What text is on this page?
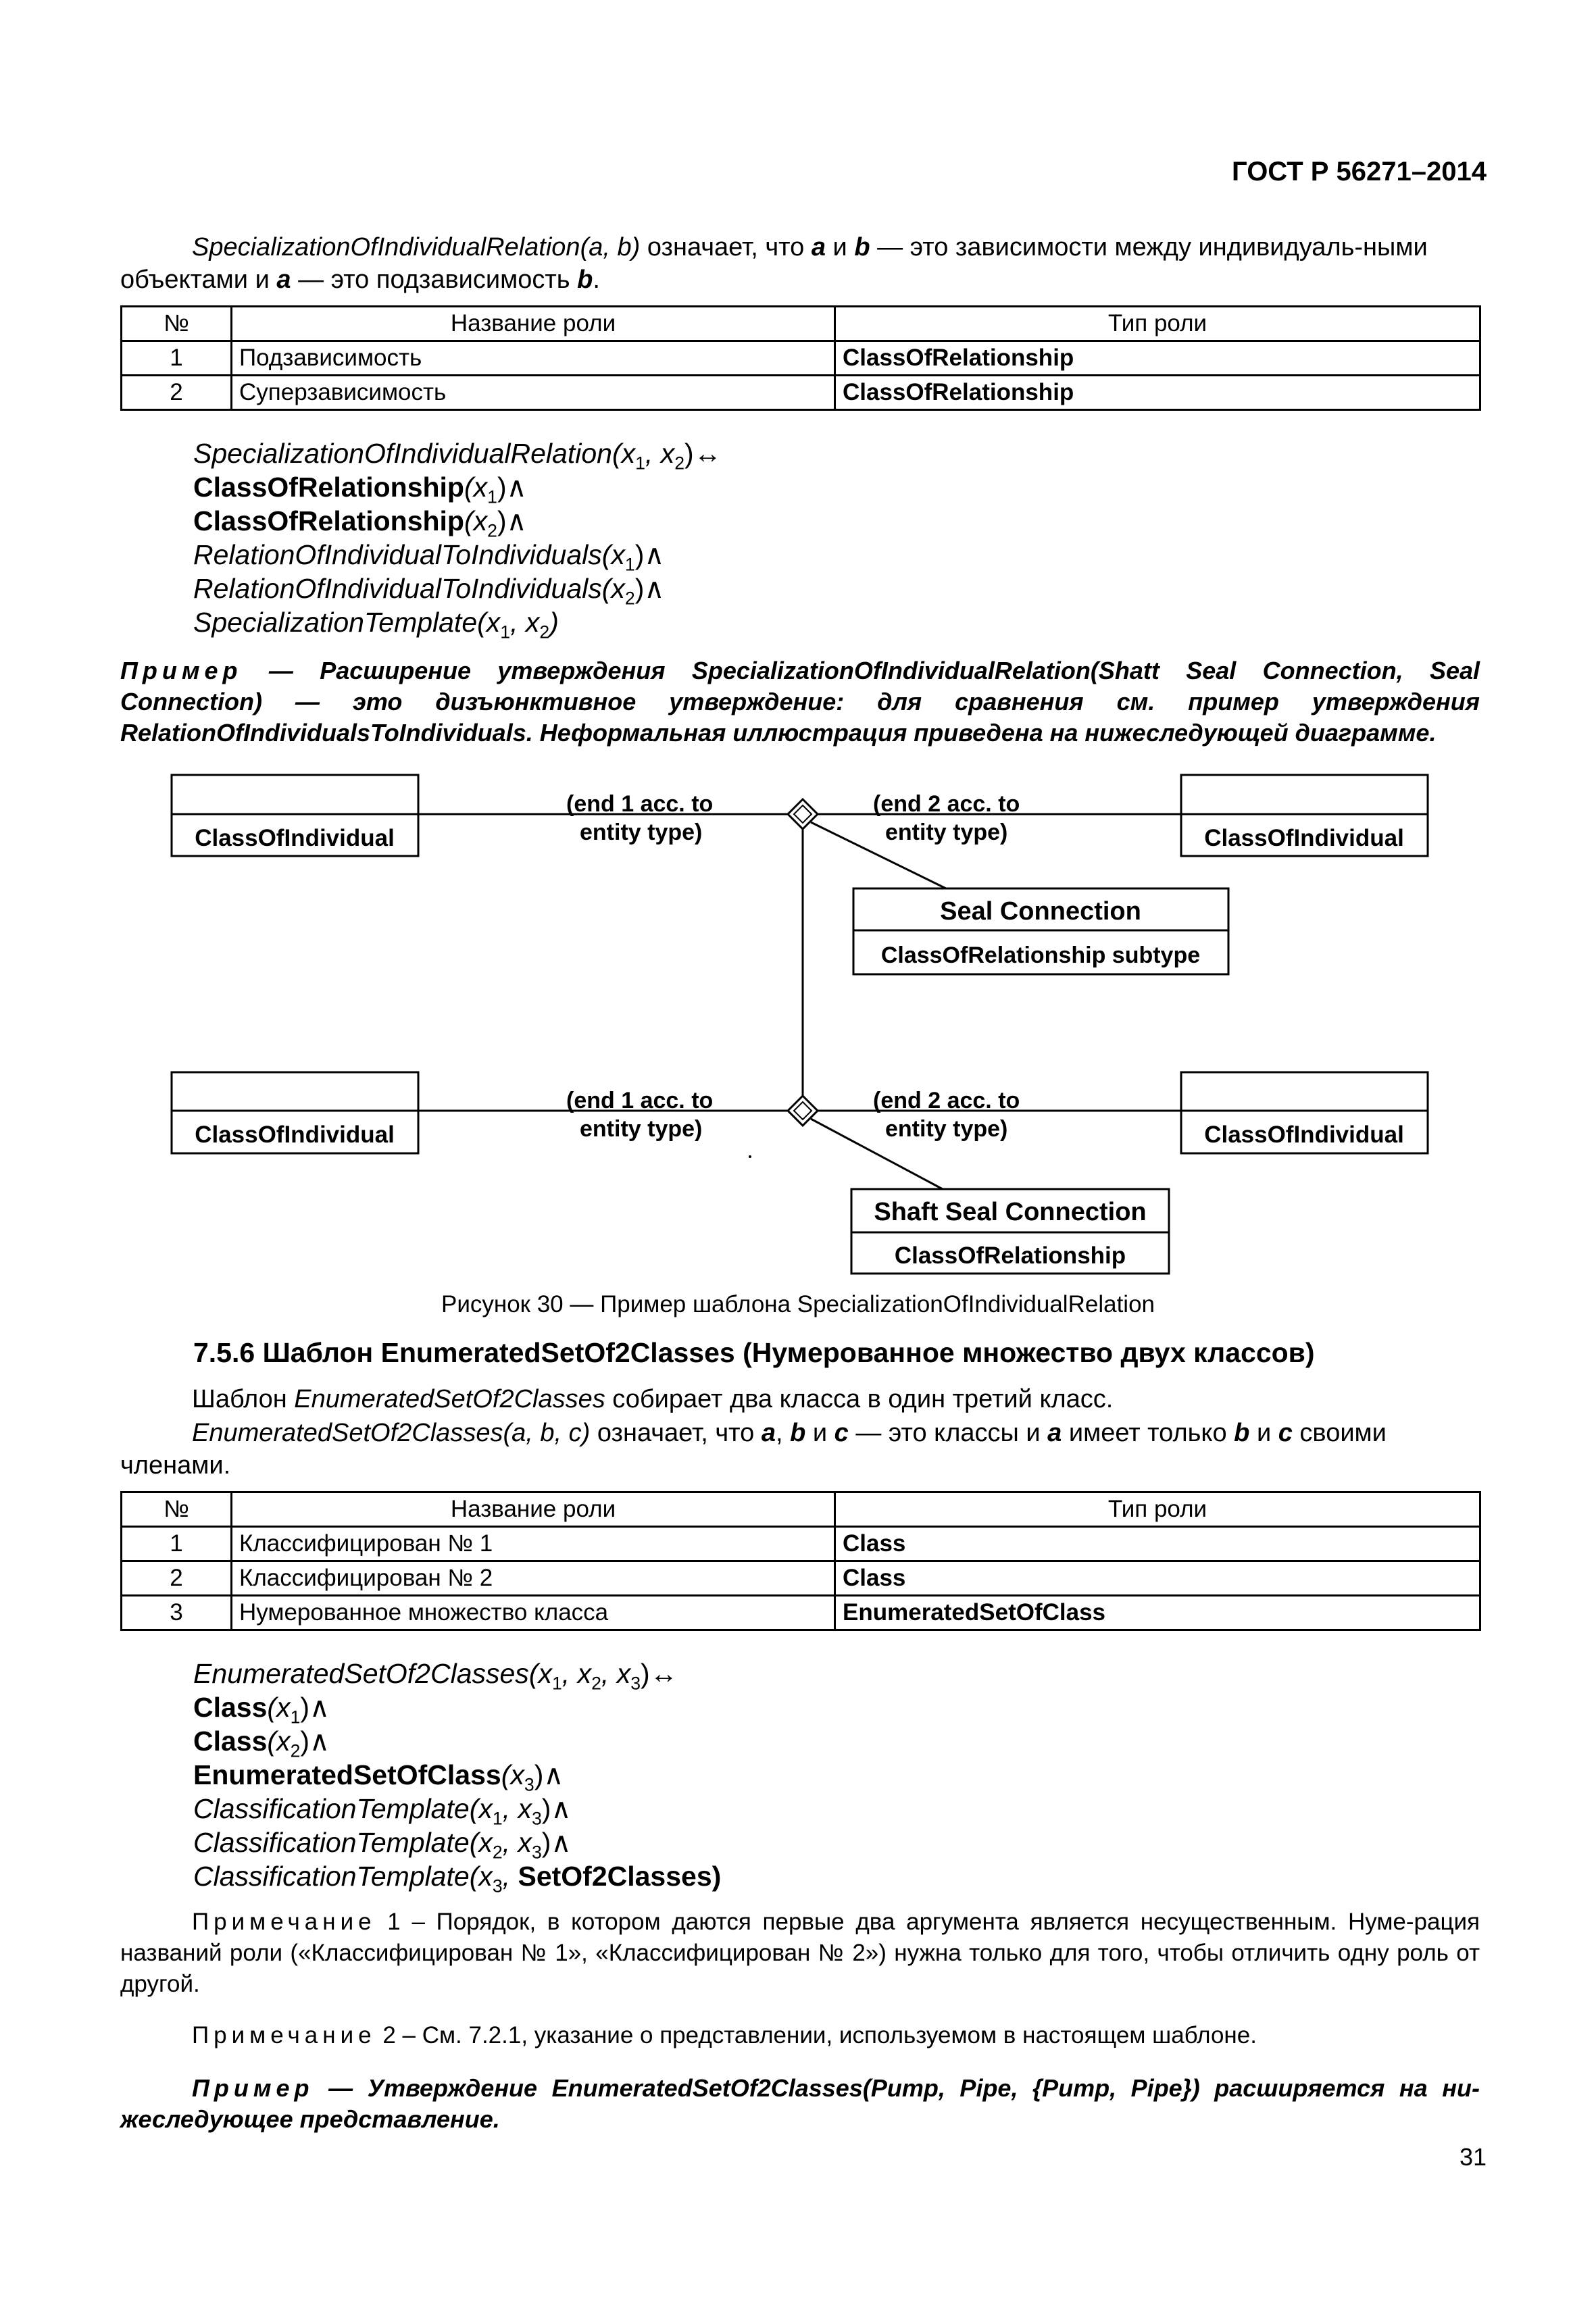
ГОСТ Р 56271–2014

SpecializationOfIndividualRelation(a, b) означает, что a и b — это зависимости между индивидуаль-ными объектами и a — это подзависимость b.

№	Название роли	Тип роли
1	Подзависимость	ClassOfRelationship
2	Суперзависимость	ClassOfRelationship
$SpecializationOfIndividualRelation(x_1$, $x_2)\leftrightarrow$
$ClassOfRelationship(x_1)\wedge$
$ClassOfRelationship(x_2)\wedge$
$RelationOfIndividualToIndividuals(x_1)\wedge$
$RelationOfIndividualToIndividuals(x_2)\wedge$
$SpecializationTemplate(x_1$, $x_2$)

Пример — Расширение утверждения SpecializationOfIndividualRelation(Shatt Seal Connection, Seal Connection) — это дизъюнктивное утверждение: для сравнения см. пример утверждения RelationOfIndividualsToIndividuals. Неформальная иллюстрация приведена на нижеследующей диаграмме.

ClassOfIndividual	ClassOfIndividual
ClassOfIndividual	ClassOfIndividual
Seal Connection
ClassOfRelationship subtype
Shaft Seal Connection
ClassOfRelationship
(end 1 acc. to
entity type)
(end 2 acc. to
entity type)
(end 1 acc. to
entity type)
(end 2 acc. to
entity type)
Рисунок 30 — Пример шаблона SpecializationOfIndividualRelation
7.5.6 Шаблон EnumeratedSetOf2Classes (Нумерованное множество двух классов)

Шаблон EnumeratedSetOf2Classes собирает два класса в один третий класс.

EnumeratedSetOf2Classes(a, b, c) означает, что a, b и c — это классы и a имеет только b и c своими членами.

№	Название роли	Тип роли
1	Классифицирован № 1	Class
2	Классифицирован № 2	Class
3	Нумерованное множество класса	EnumeratedSetOfClass
$EnumeratedSetOf2Classes(x_1$, $x_2$, $x_3)\leftrightarrow$
$Class(x_1)\wedge$
$Class(x_2)\wedge$
$EnumeratedSetOfClass(x_3)\wedge$
$ClassificationTemplate(x_1$, $x_3)\wedge$
$ClassificationTemplate(x_2$, $x_3)\wedge$
$ClassificationTemplate(x_3$, SetOf2Classes)

Примечание 1 – Порядок, в котором даются первые два аргумента является несущественным. Нуме-рация названий роли («Классифицирован № 1», «Классифицирован № 2») нужна только для того, чтобы отличить одну роль от другой.

Примечание 2 – См. 7.2.1, указание о представлении, используемом в настоящем шаблоне.

Пример — Утверждение EnumeratedSetOf2Classes(Pump, Pipe, {Pump, Pipe}) расширяется на ни-жеследующее представление.

31
